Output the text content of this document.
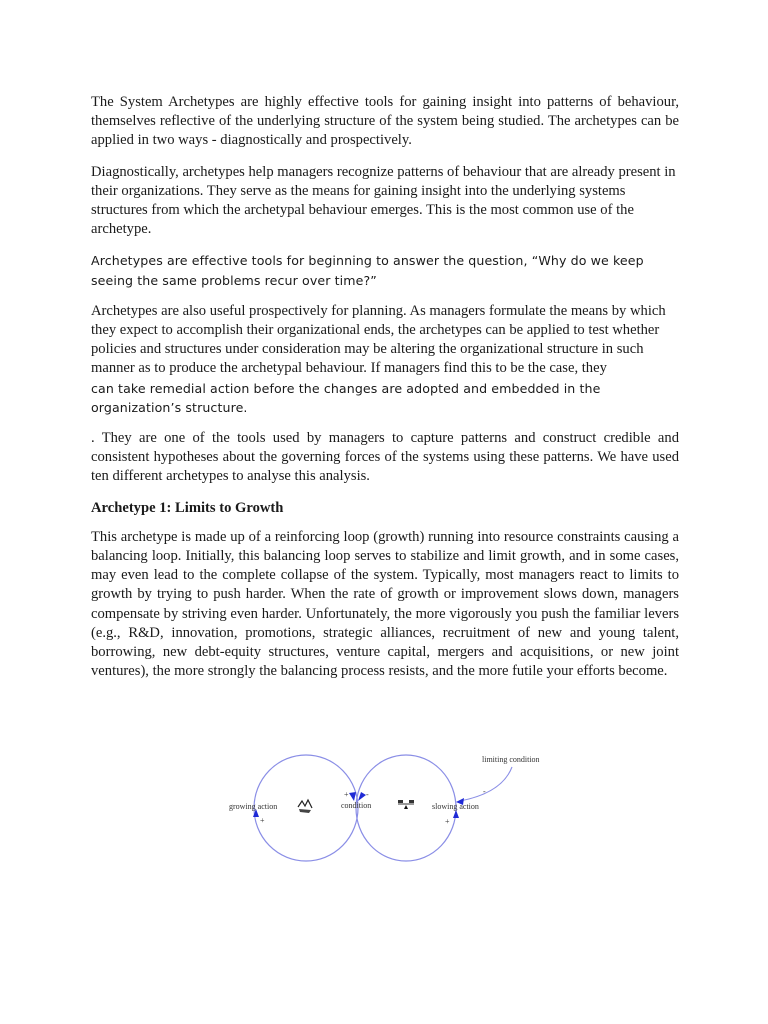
The System Archetypes are highly effective tools for gaining insight into patterns of behaviour, themselves reflective of the underlying structure of the system being studied. The archetypes can be applied in two ways - diagnostically and prospectively.

Diagnostically, archetypes help managers recognize patterns of behaviour that are already present in their organizations. They serve as the means for gaining insight into the underlying systems structures from which the archetypal behaviour emerges. This is the most common use of the archetype.

Archetypes are effective tools for beginning to answer the question, “Why do we keep seeing the same problems recur over time?”

Archetypes are also useful prospectively for planning. As managers formulate the means by which they expect to accomplish their organizational ends, the archetypes can be applied to test whether policies and structures under consideration may be altering the organizational structure in such manner as to produce the archetypal behaviour. If managers find this to be the case, they

can take remedial action before the changes are adopted and embedded in the organization’s structure.

. They are one of the tools used by managers to capture patterns and construct credible and consistent hypotheses about the governing forces of the systems using these patterns. We have used ten different archetypes to analyse this analysis.

Archetype 1: Limits to Growth

This archetype is made up of a reinforcing loop (growth) running into resource constraints causing a balancing loop. Initially, this balancing loop serves to stabilize and limit growth, and in some cases, may even lead to the complete collapse of the system. Typically, most managers react to limits to growth by trying to push harder. When the rate of growth or improvement slows down, managers compensate by striving even harder. Unfortunately, the more vigorously you push the familiar levers (e.g., R&D, innovation, promotions, strategic alliances, recruitment of new and young talent, borrowing, new debt-equity structures, venture capital, mergers and acquisitions, or new joint ventures), the more strongly the balancing process resists, and the more futile your efforts become.

growing action	condition	slowing action
limiting condition
+
+ -
+
-
